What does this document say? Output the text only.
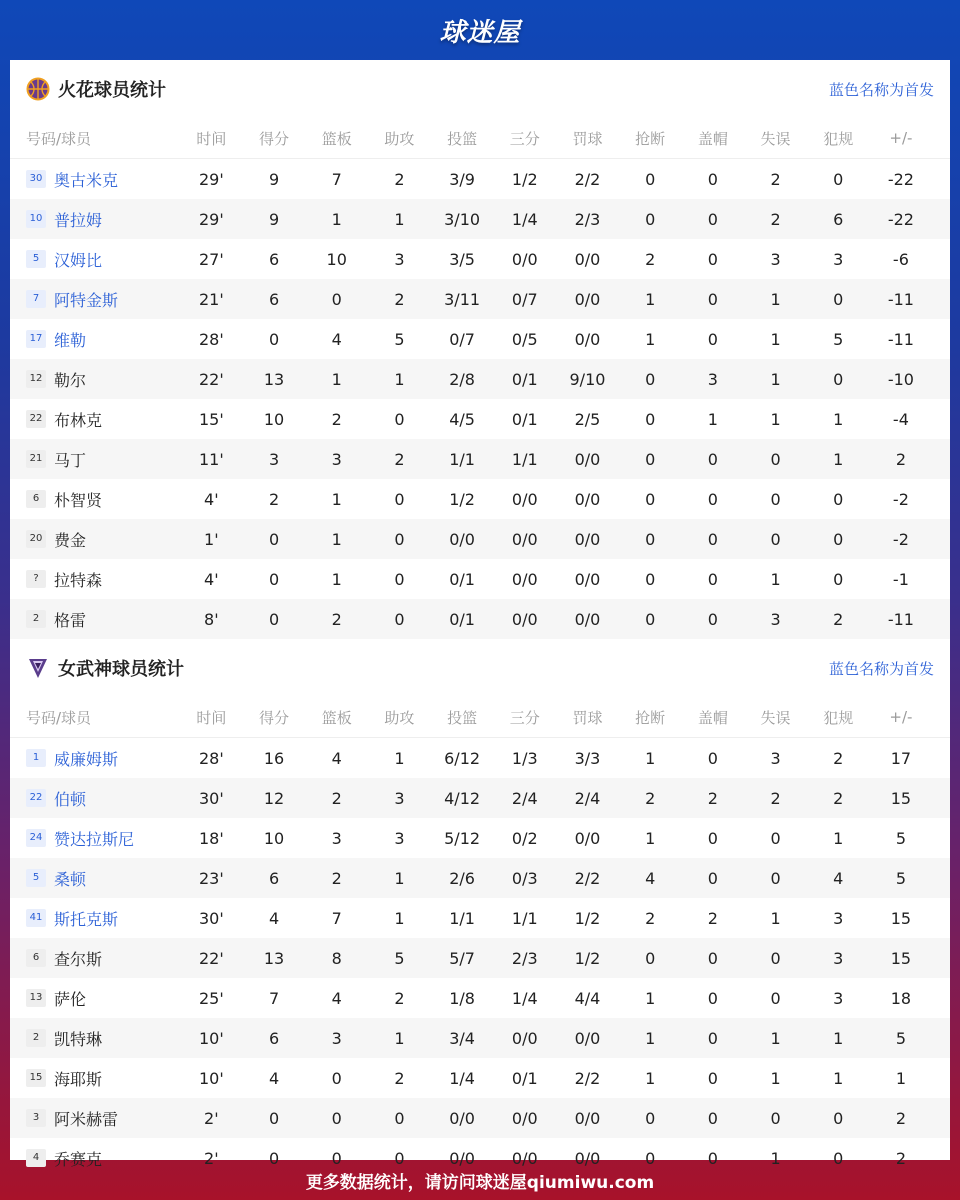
球迷屋
火花球员统计	蓝色名称为首发
号码/球员	时间	得分	篮板	助攻	投篮	三分	罚球	抢断	盖帽	失误	犯规	+/-
30 奥古米克	29'	9	7	2	3/9	1/2	2/2	0	0	2	0	-22
10 普拉姆	29'	9	1	1	3/10	1/4	2/3	0	0	2	6	-22
5 汉姆比	27'	6	10	3	3/5	0/0	0/0	2	0	3	3	-6
7 阿特金斯	21'	6	0	2	3/11	0/7	0/0	1	0	1	0	-11
17 维勒	28'	0	4	5	0/7	0/5	0/0	1	0	1	5	-11
12 勒尔	22'	13	1	1	2/8	0/1	9/10	0	3	1	0	-10
22 布林克	15'	10	2	0	4/5	0/1	2/5	0	1	1	1	-4
21 马丁	11'	3	3	2	1/1	1/1	0/0	0	0	0	1	2
6 朴智贤	4'	2	1	0	1/2	0/0	0/0	0	0	0	0	-2
20 费金	1'	0	1	0	0/0	0/0	0/0	0	0	0	0	-2
? 拉特森	4'	0	1	0	0/1	0/0	0/0	0	0	1	0	-1
2 格雷	8'	0	2	0	0/1	0/0	0/0	0	0	3	2	-11
女武神球员统计	蓝色名称为首发
号码/球员	时间	得分	篮板	助攻	投篮	三分	罚球	抢断	盖帽	失误	犯规	+/-
1 威廉姆斯	28'	16	4	1	6/12	1/3	3/3	1	0	3	2	17
22 伯顿	30'	12	2	3	4/12	2/4	2/4	2	2	2	2	15
24 赞达拉斯尼	18'	10	3	3	5/12	0/2	0/0	1	0	0	1	5
5 桑顿	23'	6	2	1	2/6	0/3	2/2	4	0	0	4	5
41 斯托克斯	30'	4	7	1	1/1	1/1	1/2	2	2	1	3	15
6 查尔斯	22'	13	8	5	5/7	2/3	1/2	0	0	0	3	15
13 萨伦	25'	7	4	2	1/8	1/4	4/4	1	0	0	3	18
2 凯特琳	10'	6	3	1	3/4	0/0	0/0	1	0	1	1	5
15 海耶斯	10'	4	0	2	1/4	0/1	2/2	1	0	1	1	1
3 阿米赫雷	2'	0	0	0	0/0	0/0	0/0	0	0	0	0	2
4 乔赛克	2'	0	0	0	0/0	0/0	0/0	0	0	1	0	2
更多数据统计，请访问球迷屋qiumiwu.com
